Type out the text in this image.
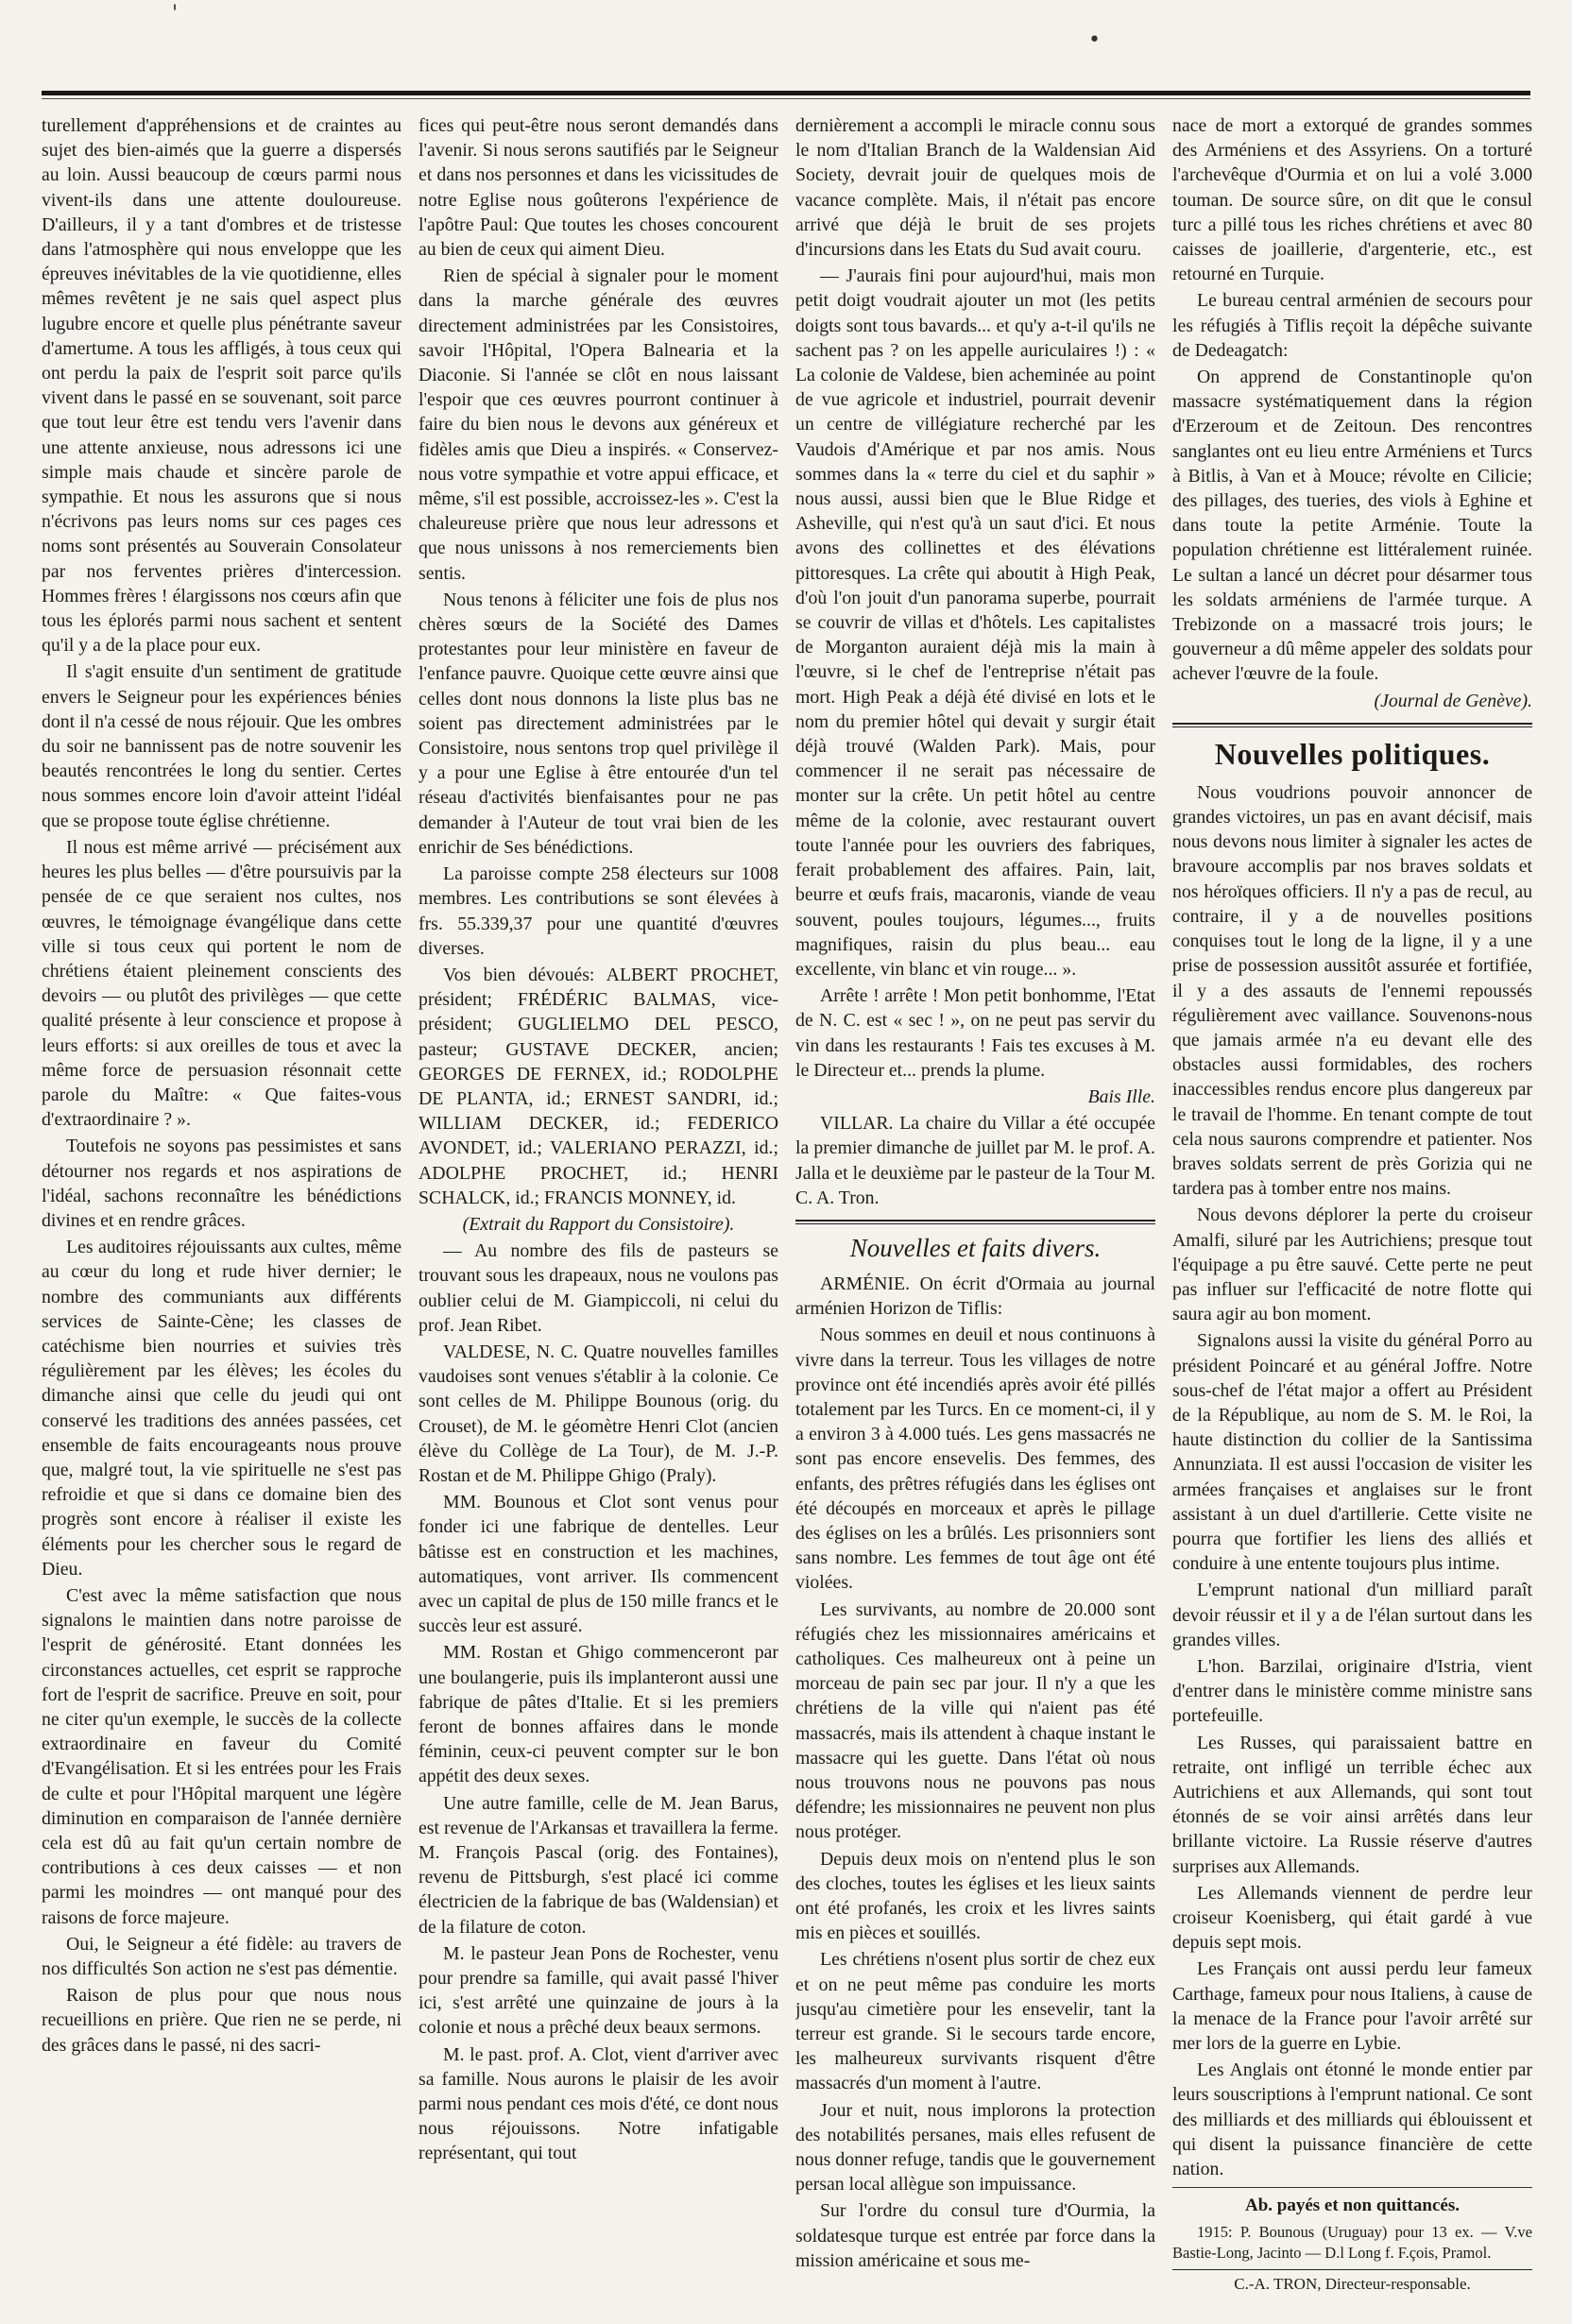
'
•

turellement d'appréhensions et de craintes au sujet des bien-aimés que la guerre a dispersés au loin. Aussi beaucoup de cœurs parmi nous vivent-ils dans une attente douloureuse. D'ailleurs, il y a tant d'ombres et de tristesse dans l'atmosphère qui nous enveloppe que les épreuves inévitables de la vie quotidienne, elles mêmes revêtent je ne sais quel aspect plus lugubre encore et quelle plus pénétrante saveur d'amertume. A tous les affligés, à tous ceux qui ont perdu la paix de l'esprit soit parce qu'ils vivent dans le passé en se souvenant, soit parce que tout leur être est tendu vers l'avenir dans une attente anxieuse, nous adressons ici une simple mais chaude et sincère parole de sympathie. Et nous les assurons que si nous n'écrivons pas leurs noms sur ces pages ces noms sont présentés au Souverain Consolateur par nos ferventes prières d'intercession. Hommes frères ! élargissons nos cœurs afin que tous les éplorés parmi nous sachent et sentent qu'il y a de la place pour eux.

Il s'agit ensuite d'un sentiment de gratitude envers le Seigneur pour les expériences bénies dont il n'a cessé de nous réjouir. Que les ombres du soir ne bannissent pas de notre souvenir les beautés rencontrées le long du sentier. Certes nous sommes encore loin d'avoir atteint l'idéal que se propose toute église chrétienne.

Il nous est même arrivé — précisément aux heures les plus belles — d'être poursuivis par la pensée de ce que seraient nos cultes, nos œuvres, le témoignage évangélique dans cette ville si tous ceux qui portent le nom de chrétiens étaient pleinement conscients des devoirs — ou plutôt des privilèges — que cette qualité présente à leur conscience et propose à leurs efforts: si aux oreilles de tous et avec la même force de persuasion résonnait cette parole du Maître: « Que faites-vous d'extraordinaire ? ».

Toutefois ne soyons pas pessimistes et sans détourner nos regards et nos aspirations de l'idéal, sachons reconnaître les bénédictions divines et en rendre grâces.

Les auditoires réjouissants aux cultes, même au cœur du long et rude hiver dernier; le nombre des communiants aux différents services de Sainte-Cène; les classes de catéchisme bien nourries et suivies très régulièrement par les élèves; les écoles du dimanche ainsi que celle du jeudi qui ont conservé les traditions des années passées, cet ensemble de faits encourageants nous prouve que, malgré tout, la vie spirituelle ne s'est pas refroidie et que si dans ce domaine bien des progrès sont encore à réaliser il existe les éléments pour les chercher sous le regard de Dieu.

C'est avec la même satisfaction que nous signalons le maintien dans notre paroisse de l'esprit de générosité. Etant données les circonstances actuelles, cet esprit se rapproche fort de l'esprit de sacrifice. Preuve en soit, pour ne citer qu'un exemple, le succès de la collecte extraordinaire en faveur du Comité d'Evangélisation. Et si les entrées pour les Frais de culte et pour l'Hôpital marquent une légère diminution en comparaison de l'année dernière cela est dû au fait qu'un certain nombre de contributions à ces deux caisses — et non parmi les moindres — ont manqué pour des raisons de force majeure.

Oui, le Seigneur a été fidèle: au travers de nos difficultés Son action ne s'est pas démentie.

Raison de plus pour que nous nous recueillions en prière. Que rien ne se perde, ni des grâces dans le passé, ni des sacri-

fices qui peut-être nous seront demandés dans l'avenir. Si nous serons sautifiés par le Seigneur et dans nos personnes et dans les vicissitudes de notre Eglise nous goûterons l'expérience de l'apôtre Paul: Que toutes les choses concourent au bien de ceux qui aiment Dieu.

Rien de spécial à signaler pour le moment dans la marche générale des œuvres directement administrées par les Consistoires, savoir l'Hôpital, l'Opera Balnearia et la Diaconie. Si l'année se clôt en nous laissant l'espoir que ces œuvres pourront continuer à faire du bien nous le devons aux généreux et fidèles amis que Dieu a inspirés. « Conservez-nous votre sympathie et votre appui efficace, et même, s'il est possible, accroissez-les ». C'est la chaleureuse prière que nous leur adressons et que nous unissons à nos remerciements bien sentis.

Nous tenons à féliciter une fois de plus nos chères sœurs de la Société des Dames protestantes pour leur ministère en faveur de l'enfance pauvre. Quoique cette œuvre ainsi que celles dont nous donnons la liste plus bas ne soient pas directement administrées par le Consistoire, nous sentons trop quel privilège il y a pour une Eglise à être entourée d'un tel réseau d'activités bienfaisantes pour ne pas demander à l'Auteur de tout vrai bien de les enrichir de Ses bénédictions.

La paroisse compte 258 électeurs sur 1008 membres. Les contributions se sont élevées à frs. 55.339,37 pour une quantité d'œuvres diverses.

Vos bien dévoués: ALBERT PROCHET, président; FRÉDÉRIC BALMAS, vice-président; GUGLIELMO DEL PESCO, pasteur; GUSTAVE DECKER, ancien; GEORGES DE FERNEX, id.; RODOLPHE DE PLANTA, id.; ERNEST SANDRI, id.; WILLIAM DECKER, id.; FEDERICO AVONDET, id.; VALERIANO PERAZZI, id.; ADOLPHE PROCHET, id.; HENRI SCHALCK, id.; FRANCIS MONNEY, id.

(Extrait du Rapport du Consistoire).

— Au nombre des fils de pasteurs se trouvant sous les drapeaux, nous ne voulons pas oublier celui de M. Giampiccoli, ni celui du prof. Jean Ribet.

VALDESE, N. C. Quatre nouvelles familles vaudoises sont venues s'établir à la colonie. Ce sont celles de M. Philippe Bounous (orig. du Crouset), de M. le géomètre Henri Clot (ancien élève du Collège de La Tour), de M. J.-P. Rostan et de M. Philippe Ghigo (Praly).

MM. Bounous et Clot sont venus pour fonder ici une fabrique de dentelles. Leur bâtisse est en construction et les machines, automatiques, vont arriver. Ils commencent avec un capital de plus de 150 mille francs et le succès leur est assuré.

MM. Rostan et Ghigo commenceront par une boulangerie, puis ils implanteront aussi une fabrique de pâtes d'Italie. Et si les premiers feront de bonnes affaires dans le monde féminin, ceux-ci peuvent compter sur le bon appétit des deux sexes.

Une autre famille, celle de M. Jean Barus, est revenue de l'Arkansas et travaillera la ferme. M. François Pascal (orig. des Fontaines), revenu de Pittsburgh, s'est placé ici comme électricien de la fabrique de bas (Waldensian) et de la filature de coton.

M. le pasteur Jean Pons de Rochester, venu pour prendre sa famille, qui avait passé l'hiver ici, s'est arrêté une quinzaine de jours à la colonie et nous a prêché deux beaux sermons.

M. le past. prof. A. Clot, vient d'arriver avec sa famille. Nous aurons le plaisir de les avoir parmi nous pendant ces mois d'été, ce dont nous nous réjouissons. Notre infatigable représentant, qui tout

dernièrement a accompli le miracle connu sous le nom d'Italian Branch de la Waldensian Aid Society, devrait jouir de quelques mois de vacance complète. Mais, il n'était pas encore arrivé que déjà le bruit de ses projets d'incursions dans les Etats du Sud avait couru.

— J'aurais fini pour aujourd'hui, mais mon petit doigt voudrait ajouter un mot (les petits doigts sont tous bavards... et qu'y a-t-il qu'ils ne sachent pas ? on les appelle auriculaires !) : « La colonie de Valdese, bien acheminée au point de vue agricole et industriel, pourrait devenir un centre de villégiature recherché par les Vaudois d'Amérique et par nos amis. Nous sommes dans la « terre du ciel et du saphir » nous aussi, aussi bien que le Blue Ridge et Asheville, qui n'est qu'à un saut d'ici. Et nous avons des collinettes et des élévations pittoresques. La crête qui aboutit à High Peak, d'où l'on jouit d'un panorama superbe, pourrait se couvrir de villas et d'hôtels. Les capitalistes de Morganton auraient déjà mis la main à l'œuvre, si le chef de l'entreprise n'était pas mort. High Peak a déjà été divisé en lots et le nom du premier hôtel qui devait y surgir était déjà trouvé (Walden Park). Mais, pour commencer il ne serait pas nécessaire de monter sur la crête. Un petit hôtel au centre même de la colonie, avec restaurant ouvert toute l'année pour les ouvriers des fabriques, ferait probablement des affaires. Pain, lait, beurre et œufs frais, macaronis, viande de veau souvent, poules toujours, légumes..., fruits magnifiques, raisin du plus beau... eau excellente, vin blanc et vin rouge... ».

Arrête ! arrête ! Mon petit bonhomme, l'Etat de N. C. est « sec ! », on ne peut pas servir du vin dans les restaurants ! Fais tes excuses à M. le Directeur et... prends la plume.

Bais Ille.

VILLAR. La chaire du Villar a été occupée la premier dimanche de juillet par M. le prof. A. Jalla et le deuxième par le pasteur de la Tour M. C. A. Tron.

Nouvelles et faits divers.

ARMÉNIE. On écrit d'Ormaia au journal arménien Horizon de Tiflis:

Nous sommes en deuil et nous continuons à vivre dans la terreur. Tous les villages de notre province ont été incendiés après avoir été pillés totalement par les Turcs. En ce moment-ci, il y a environ 3 à 4.000 tués. Les gens massacrés ne sont pas encore ensevelis. Des femmes, des enfants, des prêtres réfugiés dans les églises ont été découpés en morceaux et après le pillage des églises on les a brûlés. Les prisonniers sont sans nombre. Les femmes de tout âge ont été violées.

Les survivants, au nombre de 20.000 sont réfugiés chez les missionnaires américains et catholiques. Ces malheureux ont à peine un morceau de pain sec par jour. Il n'y a que les chrétiens de la ville qui n'aient pas été massacrés, mais ils attendent à chaque instant le massacre qui les guette. Dans l'état où nous nous trouvons nous ne pouvons pas nous défendre; les missionnaires ne peuvent non plus nous protéger.

Depuis deux mois on n'entend plus le son des cloches, toutes les églises et les lieux saints ont été profanés, les croix et les livres saints mis en pièces et souillés.

Les chrétiens n'osent plus sortir de chez eux et on ne peut même pas conduire les morts jusqu'au cimetière pour les ensevelir, tant la terreur est grande. Si le secours tarde encore, les malheureux survivants risquent d'être massacrés d'un moment à l'autre.

Jour et nuit, nous implorons la protection des notabilités persanes, mais elles refusent de nous donner refuge, tandis que le gouvernement persan local allègue son impuissance.

Sur l'ordre du consul ture d'Ourmia, la soldatesque turque est entrée par force dans la mission américaine et sous me-

nace de mort a extorqué de grandes sommes des Arméniens et des Assyriens. On a torturé l'archevêque d'Ourmia et on lui a volé 3.000 touman. De source sûre, on dit que le consul turc a pillé tous les riches chrétiens et avec 80 caisses de joaillerie, d'argenterie, etc., est retourné en Turquie.

Le bureau central arménien de secours pour les réfugiés à Tiflis reçoit la dépêche suivante de Dedeagatch:

On apprend de Constantinople qu'on massacre systématiquement dans la région d'Erzeroum et de Zeitoun. Des rencontres sanglantes ont eu lieu entre Arméniens et Turcs à Bitlis, à Van et à Mouce; révolte en Cilicie; des pillages, des tueries, des viols à Eghine et dans toute la petite Arménie. Toute la population chrétienne est littéralement ruinée. Le sultan a lancé un décret pour désarmer tous les soldats arméniens de l'armée turque. A Trebizonde on a massacré trois jours; le gouverneur a dû même appeler des soldats pour achever l'œuvre de la foule.

(Journal de Genève).

Nouvelles politiques.

Nous voudrions pouvoir annoncer de grandes victoires, un pas en avant décisif, mais nous devons nous limiter à signaler les actes de bravoure accomplis par nos braves soldats et nos héroïques officiers. Il n'y a pas de recul, au contraire, il y a de nouvelles positions conquises tout le long de la ligne, il y a une prise de possession aussitôt assurée et fortifiée, il y a des assauts de l'ennemi repoussés régulièrement avec vaillance. Souvenons-nous que jamais armée n'a eu devant elle des obstacles aussi formidables, des rochers inaccessibles rendus encore plus dangereux par le travail de l'homme. En tenant compte de tout cela nous saurons comprendre et patienter. Nos braves soldats serrent de près Gorizia qui ne tardera pas à tomber entre nos mains.

Nous devons déplorer la perte du croiseur Amalfi, siluré par les Autrichiens; presque tout l'équipage a pu être sauvé. Cette perte ne peut pas influer sur l'efficacité de notre flotte qui saura agir au bon moment.

Signalons aussi la visite du général Porro au président Poincaré et au général Joffre. Notre sous-chef de l'état major a offert au Président de la République, au nom de S. M. le Roi, la haute distinction du collier de la Santissima Annunziata. Il est aussi l'occasion de visiter les armées françaises et anglaises sur le front assistant à un duel d'artillerie. Cette visite ne pourra que fortifier les liens des alliés et conduire à une entente toujours plus intime.

L'emprunt national d'un milliard paraît devoir réussir et il y a de l'élan surtout dans les grandes villes.

L'hon. Barzilai, originaire d'Istria, vient d'entrer dans le ministère comme ministre sans portefeuille.

Les Russes, qui paraissaient battre en retraite, ont infligé un terrible échec aux Autrichiens et aux Allemands, qui sont tout étonnés de se voir ainsi arrêtés dans leur brillante victoire. La Russie réserve d'autres surprises aux Allemands.

Les Allemands viennent de perdre leur croiseur Koenisberg, qui était gardé à vue depuis sept mois.

Les Français ont aussi perdu leur fameux Carthage, fameux pour nous Italiens, à cause de la menace de la France pour l'avoir arrêté sur mer lors de la guerre en Lybie.

Les Anglais ont étonné le monde entier par leurs souscriptions à l'emprunt national. Ce sont des milliards et des milliards qui éblouissent et qui disent la puissance financière de cette nation.

Ab. payés et non quittancés.

1915: P. Bounous (Uruguay) pour 13 ex. — V.ve Bastie-Long, Jacinto — D.l Long f. F.çois, Pramol.

C.-A. TRON, Directeur-responsable.
